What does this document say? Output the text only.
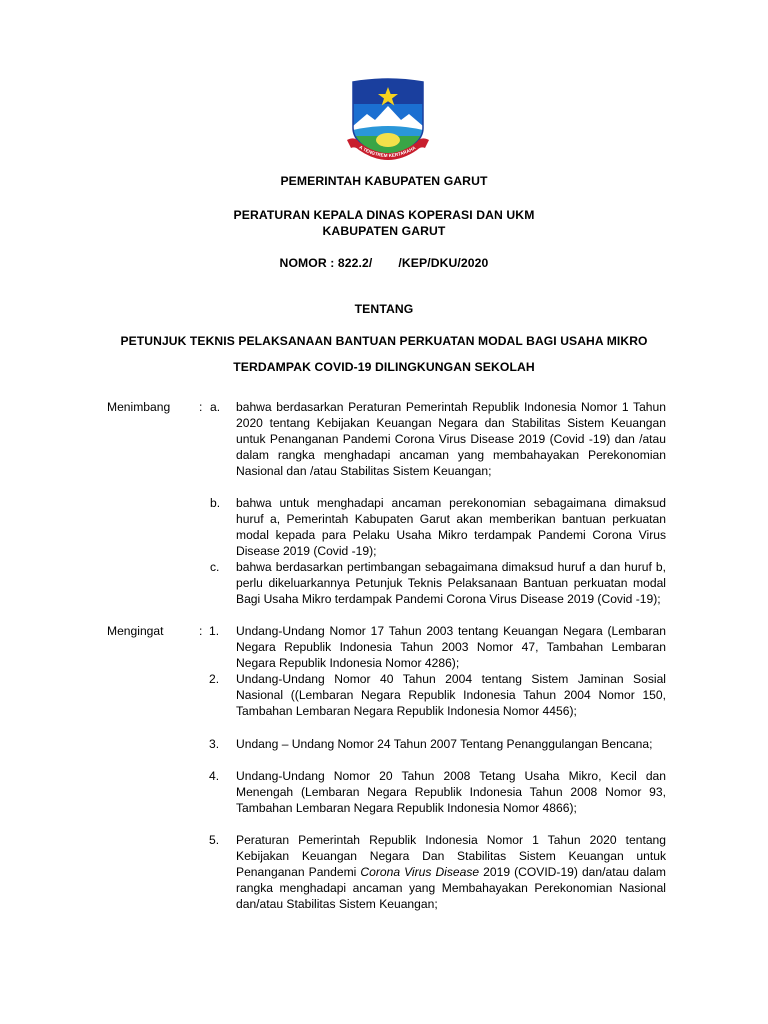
A TENGTREM KERTARAHA
PEMERINTAH KABUPATEN GARUT
PERATURAN KEPALA DINAS KOPERASI DAN UKM
KABUPATEN GARUT
NOMOR : 822.2/ /KEP/DKU/2020
TENTANG
PETUNJUK TEKNIS PELAKSANAAN BANTUAN PERKUATAN MODAL BAGI USAHA MIKRO
TERDAMPAK COVID-19 DILINGKUNGAN SEKOLAH
Menimbang : a. bahwa berdasarkan Peraturan Pemerintah Republik Indonesia Nomor 1 Tahun 2020 tentang Kebijakan Keuangan Negara dan Stabilitas Sistem Keuangan untuk Penanganan Pandemi Corona Virus Disease 2019 (Covid -19) dan /atau dalam rangka menghadapi ancaman yang membahayakan Perekonomian Nasional dan /atau Stabilitas Sistem Keuangan;
b. bahwa untuk menghadapi ancaman perekonomian sebagaimana dimaksud huruf a, Pemerintah Kabupaten Garut akan memberikan bantuan perkuatan modal kepada para Pelaku Usaha Mikro terdampak Pandemi Corona Virus Disease 2019 (Covid -19);
c. bahwa berdasarkan pertimbangan sebagaimana dimaksud huruf a dan huruf b, perlu dikeluarkannya Petunjuk Teknis Pelaksanaan Bantuan perkuatan modal Bagi Usaha Mikro terdampak Pandemi Corona Virus Disease 2019 (Covid -19);
Mengingat	: 1. Undang-Undang Nomor 17 Tahun 2003 tentang Keuangan Negara (Lembaran Negara Republik Indonesia Tahun 2003 Nomor 47, Tambahan Lembaran Negara Republik Indonesia Nomor 4286);
2. Undang-Undang Nomor 40 Tahun 2004 tentang Sistem Jaminan Sosial Nasional ((Lembaran Negara Republik Indonesia Tahun 2004 Nomor 150, Tambahan Lembaran Negara Republik Indonesia Nomor 4456);
3. Undang – Undang Nomor 24 Tahun 2007 Tentang Penanggulangan Bencana;
4. Undang-Undang Nomor 20 Tahun 2008 Tetang Usaha Mikro, Kecil dan Menengah (Lembaran Negara Republik Indonesia Tahun 2008 Nomor 93, Tambahan Lembaran Negara Republik Indonesia Nomor 4866);
5. Peraturan Pemerintah Republik Indonesia Nomor 1 Tahun 2020 tentang Kebijakan Keuangan Negara Dan Stabilitas Sistem Keuangan untuk Penanganan Pandemi Corona Virus Disease 2019 (COVID-19) dan/atau dalam rangka menghadapi ancaman yang Membahayakan Perekonomian Nasional dan/atau Stabilitas Sistem Keuangan;
